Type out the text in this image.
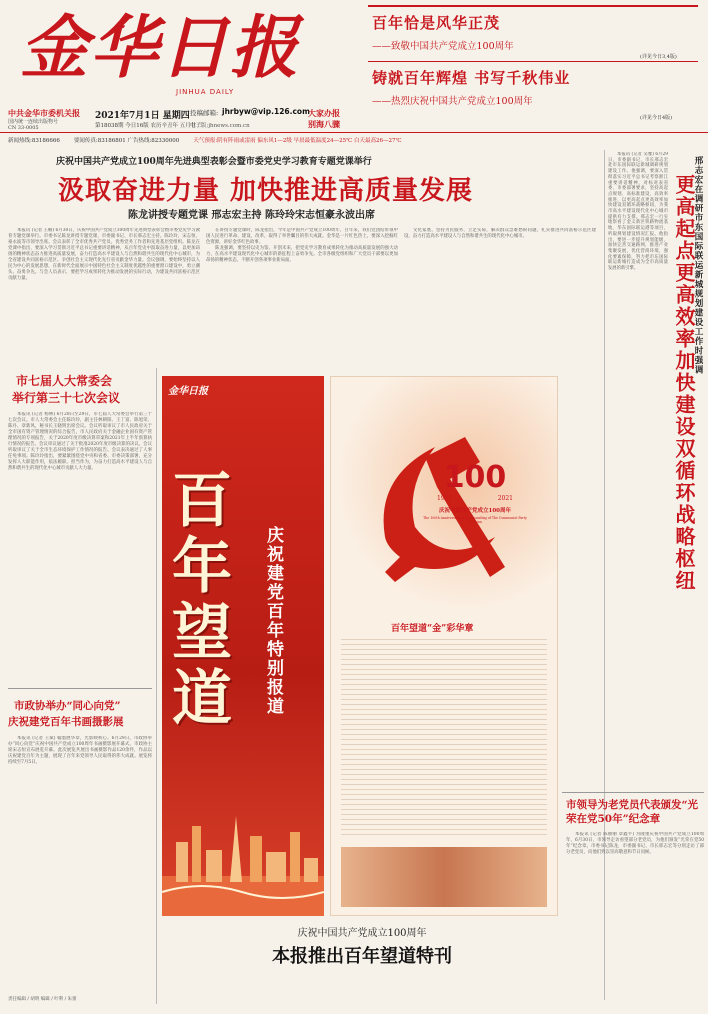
金华日报
JINHUA DAILY
中共金华市委机关报
国内统一连续出版物号
CN 33-0005
2021年7月1日 星期四
第18038期 今日16版 农历辛丑年 五月廿二
投稿邮箱: jhrbyw@vip.126.com
电子版:jhnews.com.cn
大家办报
别海八骤
百年恰是风华正茂
——致敬中国共产党成立100周年
(详见今日3,4版)
铸就百年辉煌 书写千秋伟业
——热烈庆祝中国共产党成立100周年
(详见今日4版)
新闻热线:83186666	要闻传真:83186801 广告热线:82330000	天气预报:阴有阵雨或雷雨 偏东风1—2级 早晨最低温度24—25℃ 白天最高26—27℃
庆祝中国共产党成立100周年先进典型表彰会暨市委党史学习教育专题党课举行
汲取奋进力量 加快推进高质量发展
陈龙讲授专题党课 邢志宏主持 陈玲玲宋志恒豪永波出席

本报讯 (记者 王楠) 6月30日，庆祝中国共产党成立100周年先进典型表彰会暨市委党史学习教育专题党课举行。市委书记陈龙讲授专题党课，市委副书记、市长邢志宏主持。陈玲玲、宋志恒、豪永波等市领导出席。会议表彰了全市优秀共产党员、优秀党务工作者和先进基层党组织。陈龙在党课中指出，要深入学习贯彻习近平总书记重要讲话精神，从百年党史中汲取奋进力量，以更加昂扬的精神状态奋力推进高质量发展，奋力打造高水平建设人与自然和谐共生的现代化中心城市，为全省建设共同富裕示范区、争创社会主义现代化先行省贡献金华力量。会议强调，要始终坚持以人民为中心的发展思想，在新时代全面展示中国特色社会主义制度优越性的重要窗口建设中，勇立潮头、奋勇争先。与会人员表示，要把学习成果转化为推动发展的实际行动，为建设共同富裕示范区贡献力量。

在讲授专题党课时，陈龙指出，今年是中国共产党成立100周年，百年来，我们党团结带领中国人民进行革命、建设、改革，取得了举世瞩目的伟大成就。金华是一片红色热土，要深入挖掘红色资源，讲好金华红色故事。

陈龙强调，要坚持以史为鉴、开创未来，把党史学习教育成果转化为推动高质量发展的强大动力，在高水平建设现代化中心城市的新征程上奋勇争先。全市各级党组织和广大党员干部要以更加昂扬的精神状态，不断开创各项事业新局面。

文化家底，坚持为民服务，立足实际，解决群众急难愁盼问题，扎实推进共同富裕示范区建设，奋力打造高水平建设人与自然和谐共生的现代化中心城市。

市七届人大常委会
举行第三十七次会议

本报讯 (记者 杨林) 6月28日至29日，市七届人大常委会举行第三十七次会议。市人大常委会主任陈玲玲，副主任林朝阳、王丁富、陈旭荣、陈丹、章新风，秘书长王晓明出席会议。会议听取审议了市人民政府关于全市国有资产管理情况的综合报告，市人民政府关于金融企业国有资产管理情况的专项报告，关于2020年度市级决算草案和2021年上半年预算执行情况的报告。会议审议通过了关于批准2020年度市级决算的决议。会议听取审议了关于全市生态环境保护工作情况的报告。会议表决通过了人事任免事项。陈玲玲指出，要紧紧围绕党中央和省委、市委决策部署，充分发挥人大职能作用，依法履职、担当作为，为奋力打造高水平建设人与自然和谐共生的现代化中心城市贡献人大力量。

市政协举办“同心向党”
庆祝建党百年书画摄影展

本报讯 (记者 王斌) 翰墨展华章，光影映初心。6月29日，市政协举办“同心向党”庆祝中国共产党成立100周年书画摄影展开幕式，市政协主席宋志恒宣布展览开幕。此次展览共展出书画摄影作品120余件，作品以庆祝建党百年为主题，展现了百年来党领导人民取得的伟大成就。展览将持续至7月5日。

责任编辑 / 胡明 编辑 / 叶利 / 朱蕾
金华日报
百
年
望
道	庆祝建党百年特别报道
100
1921	2021
庆祝中国共产党成立100周年
The 100th Anniversary of the Founding of The Communist Party of China
百年望道“金”彩华章
庆祝中国共产党成立100周年
本报推出百年望道特刊

本报讯 (记者 吴雅) 6月29日，市委副书记、市长邢志宏赴市东国际联运新城调研规划建设工作。他强调，要深入贯彻落实习近平总书记考察浙江重要讲话精神，对标对表省委、市委部署要求，坚持高起点规划、高标准建设、高效率推进，以更高起点更高效率加快建设双循环战略枢纽，为我市高水平建设现代化中心城市提供有力支撑。邢志宏一行实地察看了金义新区铁路物流基地、华东国际联运港等项目，听取规划建设情况汇报。他指出，要进一步提升规划能级，加快完善交通路网，推进产业集聚发展，优化营商环境，强化要素保障，努力把市东国际联运新城打造成为全市高质量发展的新引擎。	邢志宏在调研市东国际联运新城规划建设工作时强调
更高起点更高效率加快建设双循环战略枢纽
市领导为老党员代表颁发“光荣在党50年”纪念章

本报讯 (记者 陈丽丽 章鑫平) 为隆重庆祝中国共产党成立100周年，6月30日，市领导走访看望部分老党员，为他们颁发“光荣在党50年”纪念章。市委书记陈龙，市委副书记、市长邢志宏等分别走访了部分老党员，向他们致以崇高敬意和节日问候。
